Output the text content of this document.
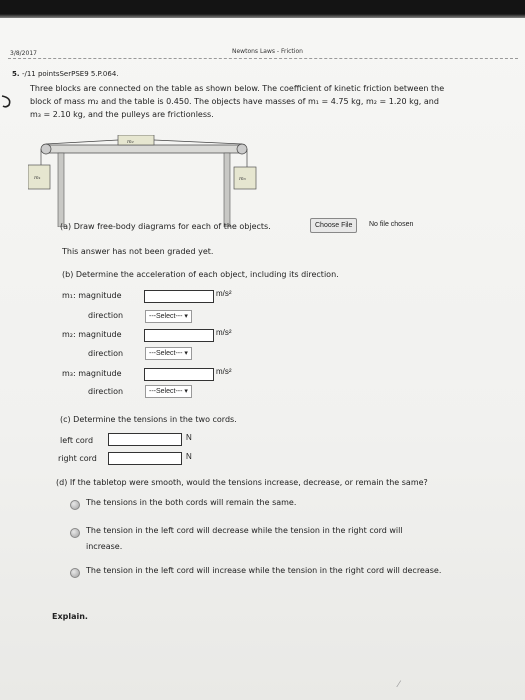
3/8/2017	Newtons Laws - Friction
5. -/11 pointsSerPSE9 5.P.064.
Three blocks are connected on the table as shown below. The coefficient of kinetic friction between the
block of mass m₂ and the table is 0.450. The objects have masses of m₁ = 4.75 kg, m₂ = 1.20 kg, and
m₃ = 2.10 kg, and the pulleys are frictionless.
m₂
m₁	m₃
(a) Draw free-body diagrams for each of the objects.	Choose File	No file chosen
This answer has not been graded yet.
(b) Determine the acceleration of each object, including its direction.
m₁: magnitude	m/s²
direction	---Select--- ▾
m₂: magnitude	m/s²
direction	---Select--- ▾
m₃: magnitude	m/s²
direction	---Select--- ▾
(c) Determine the tensions in the two cords.
left cord	N
right cord	N
(d) If the tabletop were smooth, would the tensions increase, decrease, or remain the same?
The tensions in the both cords will remain the same.
The tension in the left cord will decrease while the tension in the right cord will
increase.
The tension in the left cord will increase while the tension in the right cord will decrease.
Explain.
⁄
